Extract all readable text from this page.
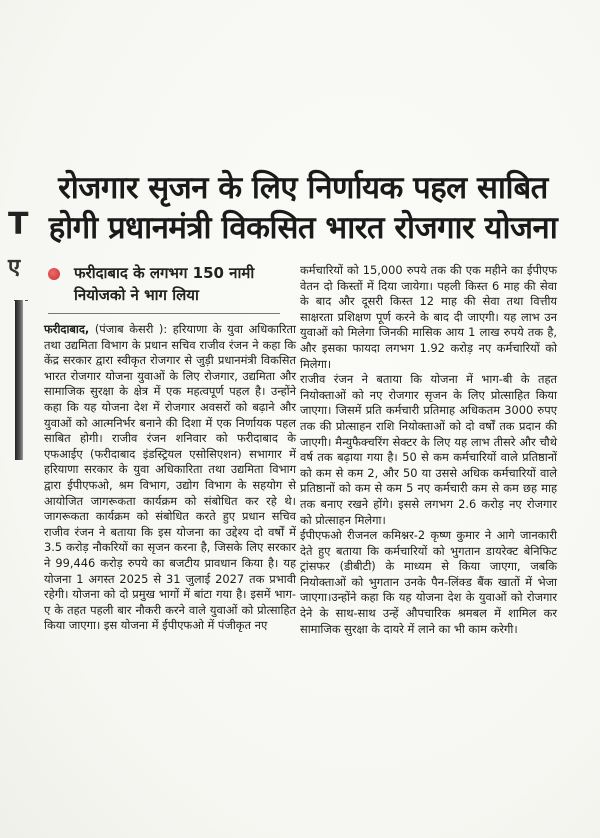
T
ए
रोजगार सृजन के लिए निर्णायक पहल साबित
होगी प्रधानमंत्री विकसित भारत रोजगार योजना
फरीदाबाद के लगभग 150 नामी नियोजको ने भाग लिया

फरीदाबाद, (पंजाब केसरी ): हरियाणा के युवा अधिकारिता तथा उद्यमिता विभाग के प्रधान सचिव राजीव रंजन ने कहा कि केंद्र सरकार द्वारा स्वीकृत रोजगार से जुड़ी प्रधानमंत्री विकसित भारत रोजगार योजना युवाओं के लिए रोजगार, उद्यमिता और सामाजिक सुरक्षा के क्षेत्र में एक महत्वपूर्ण पहल है। उन्होंने कहा कि यह योजना देश में रोजगार अवसरों को बढ़ाने और युवाओं को आत्मनिर्भर बनाने की दिशा में एक निर्णायक पहल साबित होगी। राजीव रंजन शनिवार को फरीदाबाद के एफआईए (फरीदाबाद इंडस्ट्रियल एसोसिएशन) सभागार में हरियाणा सरकार के युवा अधिकारिता तथा उद्यमिता विभाग द्वारा ईपीएफओ, श्रम विभाग, उद्योग विभाग के सहयोग से आयोजित जागरूकता कार्यक्रम को संबोधित कर रहे थे। जागरूकता कार्यक्रम को संबोधित करते हुए प्रधान सचिव राजीव रंजन ने बताया कि इस योजना का उद्देश्य दो वर्षों में 3.5 करोड़ नौकरियों का सृजन करना है, जिसके लिए सरकार ने 99,446 करोड़ रुपये का बजटीय प्रावधान किया है। यह योजना 1 अगस्त 2025 से 31 जुलाई 2027 तक प्रभावी रहेगी। योजना को दो प्रमुख भागों में बांटा गया है। इसमें भाग-ए के तहत पहली बार नौकरी करने वाले युवाओं को प्रोत्साहित किया जाएगा। इस योजना में ईपीएफओ में पंजीकृत नए

कर्मचारियों को 15,000 रुपये तक की एक महीने का ईपीएफ वेतन दो किस्तों में दिया जायेगा। पहली किस्त 6 माह की सेवा के बाद और दूसरी किस्त 12 माह की सेवा तथा वित्तीय साक्षरता प्रशिक्षण पूर्ण करने के बाद दी जाएगी। यह लाभ उन युवाओं को मिलेगा जिनकी मासिक आय 1 लाख रुपये तक है, और इसका फायदा लगभग 1.92 करोड़ नए कर्मचारियों को मिलेगा।

राजीव रंजन ने बताया कि योजना में भाग-बी के तहत नियोक्ताओं को नए रोजगार सृजन के लिए प्रोत्साहित किया जाएगा। जिसमें प्रति कर्मचारी प्रतिमाह अधिकतम 3000 रुपए तक की प्रोत्साहन राशि नियोक्ताओं को दो वर्षों तक प्रदान की जाएगी। मैन्युफैक्चरिंग सेक्टर के लिए यह लाभ तीसरे और चौथे वर्ष तक बढ़ाया गया है। 50 से कम कर्मचारियों वाले प्रतिष्ठानों को कम से कम 2, और 50 या उससे अधिक कर्मचारियों वाले प्रतिष्ठानों को कम से कम 5 नए कर्मचारी कम से कम छह माह तक बनाए रखने होंगे। इससे लगभग 2.6 करोड़ नए रोजगार को प्रोत्साहन मिलेगा।

ईपीएफओ रीजनल कमिश्नर-2 कृष्ण कुमार ने आगे जानकारी देते हुए बताया कि कर्मचारियों को भुगतान डायरेक्ट बेनिफिट ट्रांसफर (डीबीटी) के माध्यम से किया जाएगा, जबकि नियोक्ताओं को भुगतान उनके पैन-लिंक्ड बैंक खातों में भेजा जाएगा।उन्होंने कहा कि यह योजना देश के युवाओं को रोजगार देने के साथ-साथ उन्हें औपचारिक श्रमबल में शामिल कर सामाजिक सुरक्षा के दायरे में लाने का भी काम करेगी।
